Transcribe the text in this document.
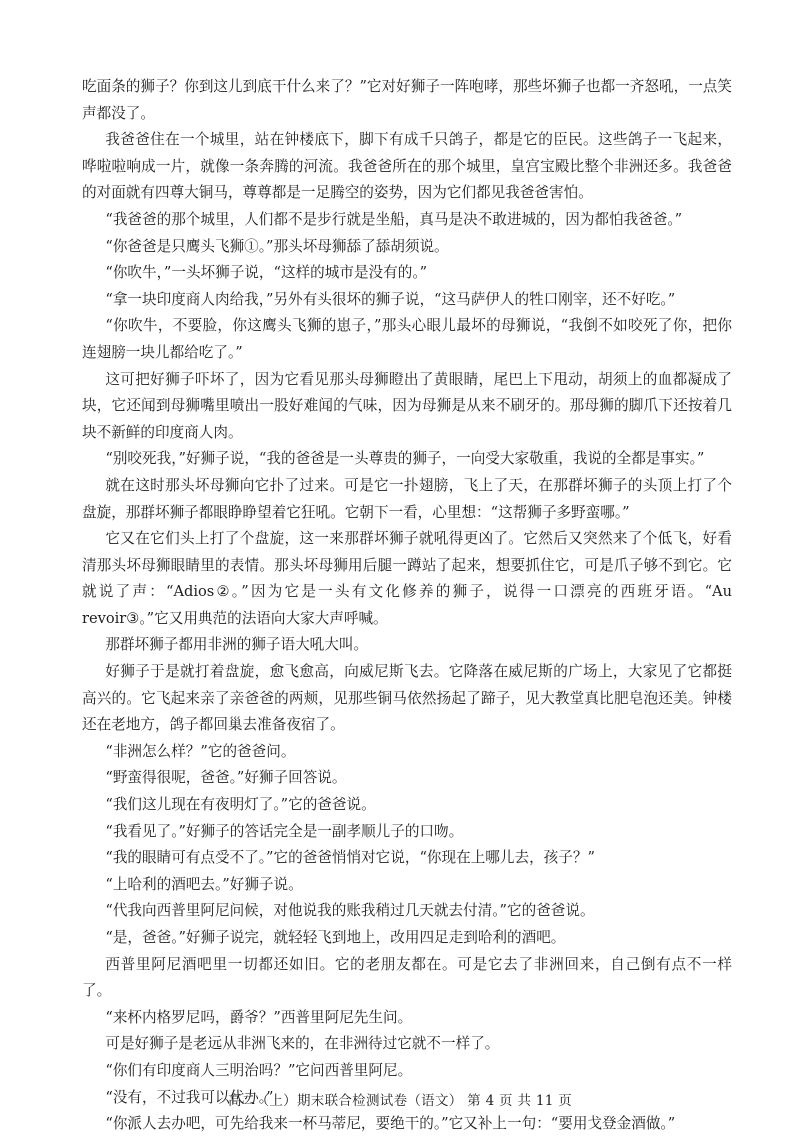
吃面条的狮子？你到这儿到底干什么来了？”它对好狮子一阵咆哮，那些坏狮子也都一齐怒吼，一点笑声都没了。

我爸爸住在一个城里，站在钟楼底下，脚下有成千只鸽子，都是它的臣民。这些鸽子一飞起来，哗啦啦响成一片，就像一条奔腾的河流。我爸爸所在的那个城里，皇宫宝殿比整个非洲还多。我爸爸的对面就有四尊大铜马，尊尊都是一足腾空的姿势，因为它们都见我爸爸害怕。

“我爸爸的那个城里，人们都不是步行就是坐船，真马是决不敢进城的，因为都怕我爸爸。”

“你爸爸是只鹰头飞狮①。”那头坏母狮舔了舔胡须说。

“你吹牛，”一头坏狮子说，“这样的城市是没有的。”

“拿一块印度商人肉给我，”另外有头很坏的狮子说，“这马萨伊人的牲口刚宰，还不好吃。”

“你吹牛，不要脸，你这鹰头飞狮的崽子，”那头心眼儿最坏的母狮说，“我倒不如咬死了你，把你连翅膀一块儿都给吃了。”

这可把好狮子吓坏了，因为它看见那头母狮瞪出了黄眼睛，尾巴上下甩动，胡须上的血都凝成了块，它还闻到母狮嘴里喷出一股好难闻的气味，因为母狮是从来不刷牙的。那母狮的脚爪下还按着几块不新鲜的印度商人肉。

“别咬死我，”好狮子说，“我的爸爸是一头尊贵的狮子，一向受大家敬重，我说的全都是事实。”

就在这时那头坏母狮向它扑了过来。可是它一扑翅膀，飞上了天，在那群坏狮子的头顶上打了个盘旋，那群坏狮子都眼睁睁望着它狂吼。它朝下一看，心里想：“这帮狮子多野蛮哪。”

它又在它们头上打了个盘旋，这一来那群坏狮子就吼得更凶了。它然后又突然来了个低飞，好看清那头坏母狮眼睛里的表情。那头坏母狮用后腿一蹲站了起来，想要抓住它，可是爪子够不到它。它就说了声：“Adios②。”因为它是一头有文化修养的狮子，说得一口漂亮的西班牙语。“Au revoir③。”它又用典范的法语向大家大声呼喊。

那群坏狮子都用非洲的狮子语大吼大叫。

好狮子于是就打着盘旋，愈飞愈高，向威尼斯飞去。它降落在威尼斯的广场上，大家见了它都挺高兴的。它飞起来亲了亲爸爸的两颊，见那些铜马依然扬起了蹄子，见大教堂真比肥皂泡还美。钟楼还在老地方，鸽子都回巢去准备夜宿了。

“非洲怎么样？”它的爸爸问。

“野蛮得很呢，爸爸。”好狮子回答说。

“我们这儿现在有夜明灯了。”它的爸爸说。

“我看见了。”好狮子的答话完全是一副孝顺儿子的口吻。

“我的眼睛可有点受不了。”它的爸爸悄悄对它说，“你现在上哪儿去，孩子？”

“上哈利的酒吧去。”好狮子说。

“代我向西普里阿尼问候，对他说我的账我稍过几天就去付清。”它的爸爸说。

“是，爸爸。”好狮子说完，就轻轻飞到地上，改用四足走到哈利的酒吧。

西普里阿尼酒吧里一切都还如旧。它的老朋友都在。可是它去了非洲回来，自己倒有点不一样了。

“来杯内格罗尼吗，爵爷？”西普里阿尼先生问。

可是好狮子是老远从非洲飞来的，在非洲待过它就不一样了。

“你们有印度商人三明治吗？”它问西普里阿尼。

“没有，不过我可以代办。”

“你派人去办吧，可先给我来一杯马蒂尼，要绝干的。”它又补上一句：“要用戈登金酒做。”

高二（上）期末联合检测试卷（语文） 第 4 页 共 11 页
